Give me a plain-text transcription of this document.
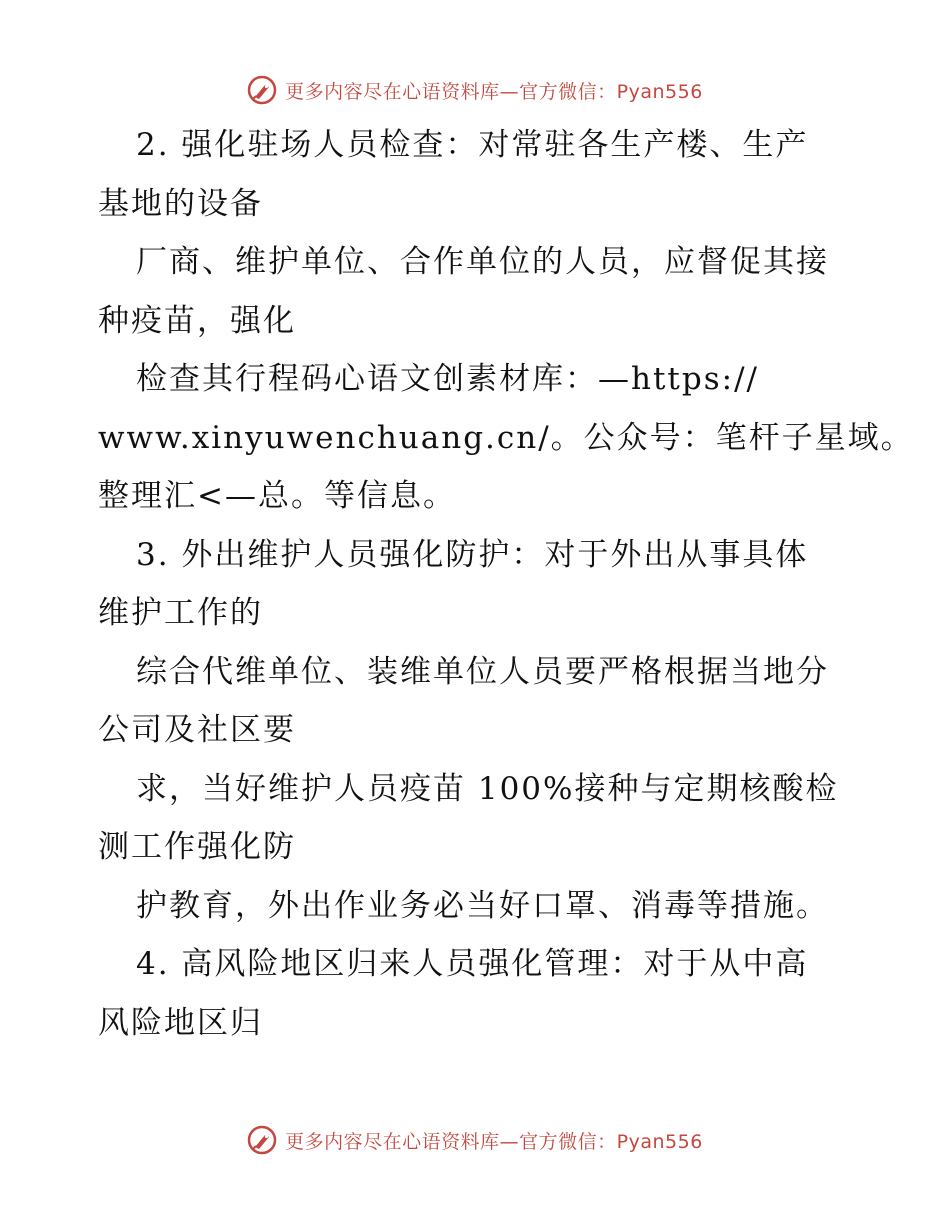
更多内容尽在心语资料库—官方微信：Pyan556
2. 强化驻场人员检查：对常驻各生产楼、生产
基地的设备
厂商、维护单位、合作单位的人员，应督促其接
种疫苗，强化
检查其行程码心语文创素材库：—https://
www.xinyuwenchuang.cn/。公众号：笔杆子星域。
整理汇<—总。等信息。
3. 外出维护人员强化防护：对于外出从事具体
维护工作的
综合代维单位、装维单位人员要严格根据当地分
公司及社区要
求，当好维护人员疫苗 100%接种与定期核酸检
测工作强化防
护教育，外出作业务必当好口罩、消毒等措施。
4. 高风险地区归来人员强化管理：对于从中高
风险地区归
更多内容尽在心语资料库—官方微信：Pyan556
